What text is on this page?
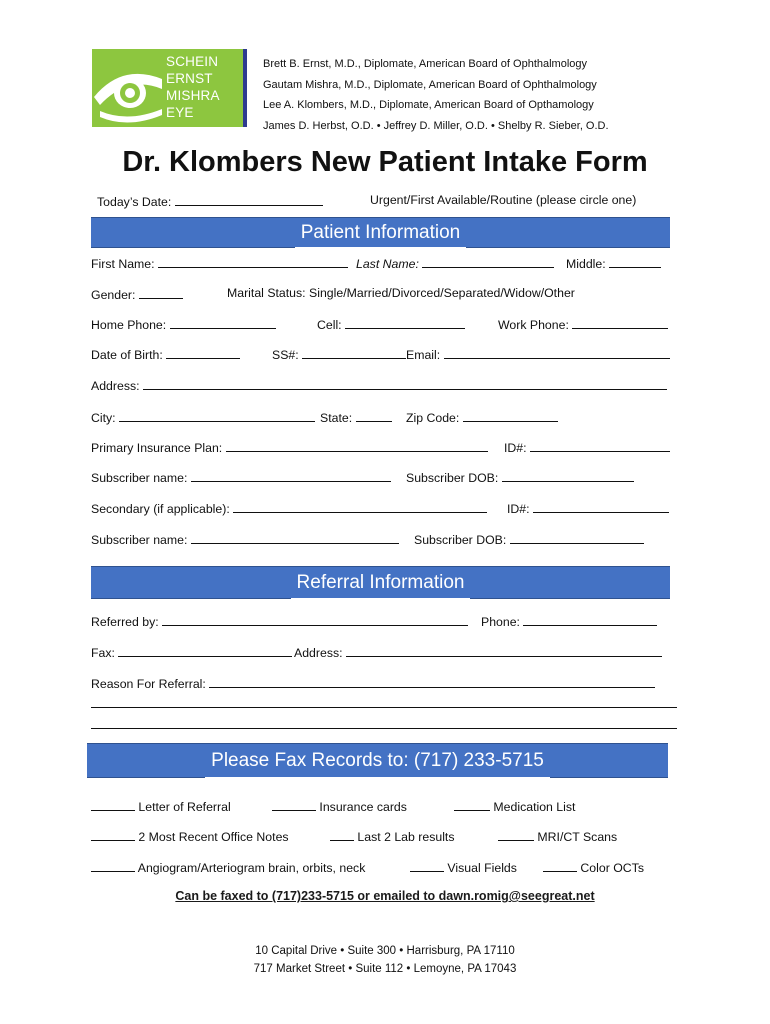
SCHEIN
ERNST
MISHRA
EYE
Brett B. Ernst, M.D., Diplomate, American Board of Ophthalmology
Gautam Mishra, M.D., Diplomate, American Board of Ophthalmology
Lee A. Klombers, M.D., Diplomate, American Board of Opthamology
James D. Herbst, O.D. • Jeffrey D. Miller, O.D. • Shelby R. Sieber, O.D.
Dr. Klombers New Patient Intake Form
Today’s Date:	Urgent/First Available/Routine (please circle one)
Patient Information
First Name:	Last Name:	Middle:
Gender:	Marital Status: Single/Married/Divorced/Separated/Widow/Other
Home Phone:	Cell:	Work Phone:
Date of Birth:	SS#:	Email:
Address:
City:	State:	Zip Code:
Primary Insurance Plan:	ID#:
Subscriber name:	Subscriber DOB:
Secondary (if applicable):	ID#:
Subscriber name:	Subscriber DOB:
Referral Information
Referred by:	Phone:
Fax:	Address:
Reason For Referral:
Please Fax Records to: (717) 233-5715
Letter of Referral	Insurance cards	Medication List
2 Most Recent Office Notes	Last 2 Lab results	MRI/CT Scans
Angiogram/Arteriogram brain, orbits, neck	Visual Fields	Color OCTs
Can be faxed to (717)233-5715 or emailed to dawn.romig@seegreat.net
10 Capital Drive • Suite 300 • Harrisburg, PA 17110
717 Market Street • Suite 112 • Lemoyne, PA 17043
